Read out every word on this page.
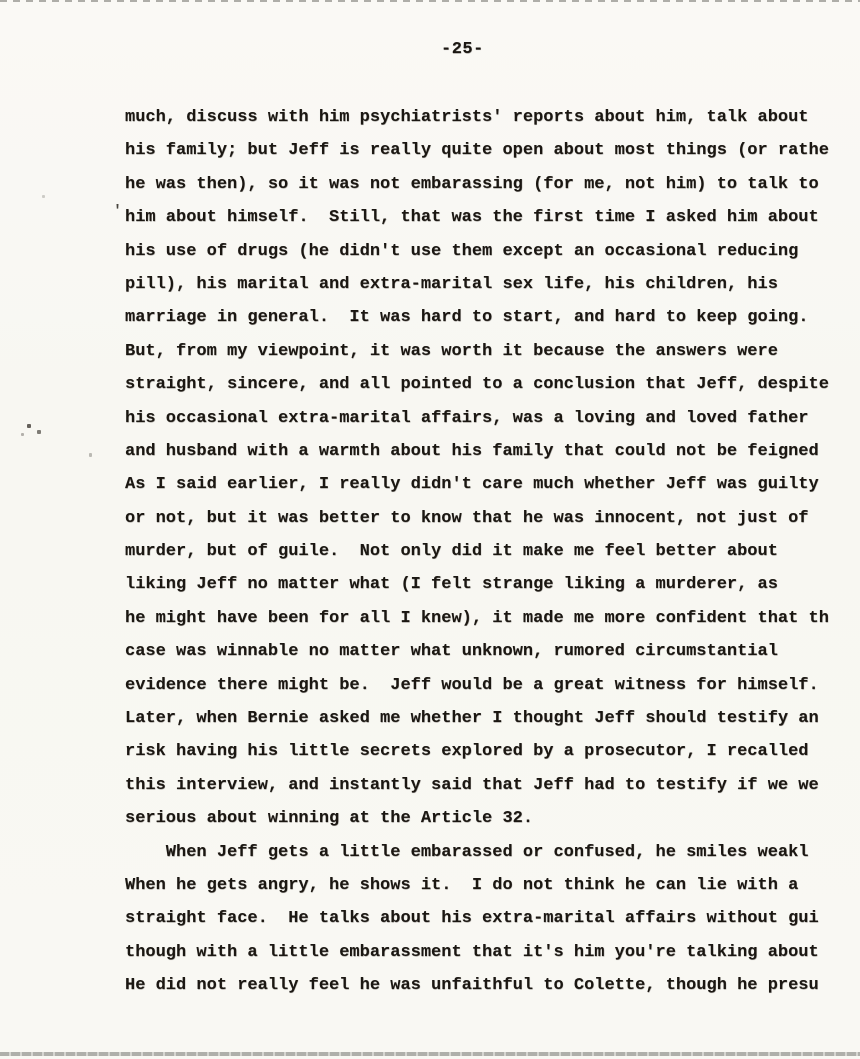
-25-
'
much, discuss with him psychiatrists' reports about him, talk about
his family; but Jeff is really quite open about most things (or rathe
he was then), so it was not embarassing (for me, not him) to talk to
him about himself.  Still, that was the first time I asked him about
his use of drugs (he didn't use them except an occasional reducing
pill), his marital and extra-marital sex life, his children, his
marriage in general.  It was hard to start, and hard to keep going.
But, from my viewpoint, it was worth it because the answers were
straight, sincere, and all pointed to a conclusion that Jeff, despite
his occasional extra-marital affairs, was a loving and loved father
and husband with a warmth about his family that could not be feigned
As I said earlier, I really didn't care much whether Jeff was guilty
or not, but it was better to know that he was innocent, not just of
murder, but of guile.  Not only did it make me feel better about
liking Jeff no matter what (I felt strange liking a murderer, as
he might have been for all I knew), it made me more confident that th
case was winnable no matter what unknown, rumored circumstantial
evidence there might be.  Jeff would be a great witness for himself.
Later, when Bernie asked me whether I thought Jeff should testify an
risk having his little secrets explored by a prosecutor, I recalled
this interview, and instantly said that Jeff had to testify if we we
serious about winning at the Article 32.
When Jeff gets a little embarassed or confused, he smiles weakl
When he gets angry, he shows it.  I do not think he can lie with a
straight face.  He talks about his extra-marital affairs without gui
though with a little embarassment that it's him you're talking about
He did not really feel he was unfaithful to Colette, though he presu
